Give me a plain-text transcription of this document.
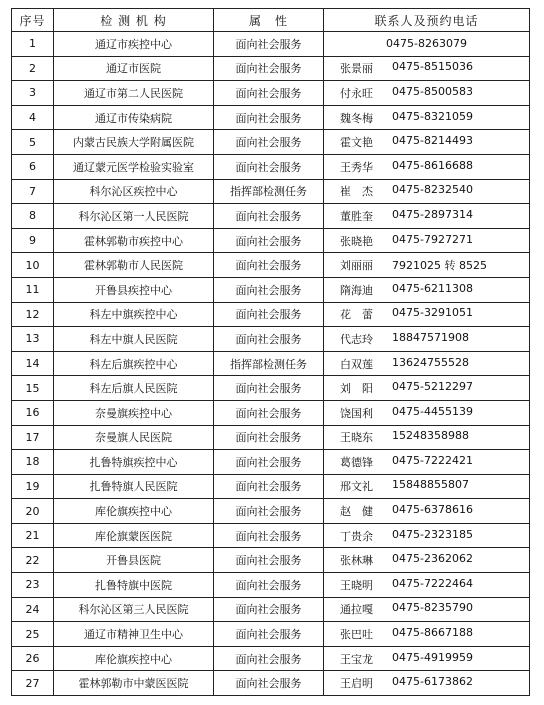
序号	检 测 机 构	属　性	联系人及预约电话
1	通辽市疾控中心	面向社会服务	0475-8263079
2	通辽市医院	面向社会服务	张景丽 0475-8515036

3	通辽市第二人民医院	面向社会服务	付永旺 0475-8500583

4	通辽市传染病院	面向社会服务	魏冬梅 0475-8321059

5	内蒙古民族大学附属医院	面向社会服务	霍文艳 0475-8214493

6	通辽蒙元医学检验实验室	面向社会服务	王秀华 0475-8616688

7	科尔沁区疾控中心	指挥部检测任务	崔　杰 0475-8232540

8	科尔沁区第一人民医院	面向社会服务	董胜奎 0475-2897314

9	霍林郭勒市疾控中心	面向社会服务	张晓艳 0475-7927271

10	霍林郭勒市人民医院	面向社会服务	刘丽丽 7921025 转 8525

11	开鲁县疾控中心	面向社会服务	隋海迪 0475-6211308

12	科左中旗疾控中心	面向社会服务	花　蕾 0475-3291051

13	科左中旗人民医院	面向社会服务	代志玲 18847571908

14	科左后旗疾控中心	指挥部检测任务	白双莲 13624755528

15	科左后旗人民医院	面向社会服务	刘　阳 0475-5212297

16	奈曼旗疾控中心	面向社会服务	饶国利 0475-4455139

17	奈曼旗人民医院	面向社会服务	王晓东 15248358988

18	扎鲁特旗疾控中心	面向社会服务	葛德锋 0475-7222421

19	扎鲁特旗人民医院	面向社会服务	邢文礼 15848855807

20	库伦旗疾控中心	面向社会服务	赵　健 0475-6378616

21	库伦旗蒙医医院	面向社会服务	丁贵余 0475-2323185

22	开鲁县医院	面向社会服务	张林琳 0475-2362062

23	扎鲁特旗中医院	面向社会服务	王晓明 0475-7222464

24	科尔沁区第三人民医院	面向社会服务	通拉嘎 0475-8235790

25	通辽市精神卫生中心	面向社会服务	张巴吐 0475-8667188

26	库伦旗疾控中心	面向社会服务	王宝龙 0475-4919959

27	霍林郭勒市中蒙医医院	面向社会服务	王启明 0475-6173862
